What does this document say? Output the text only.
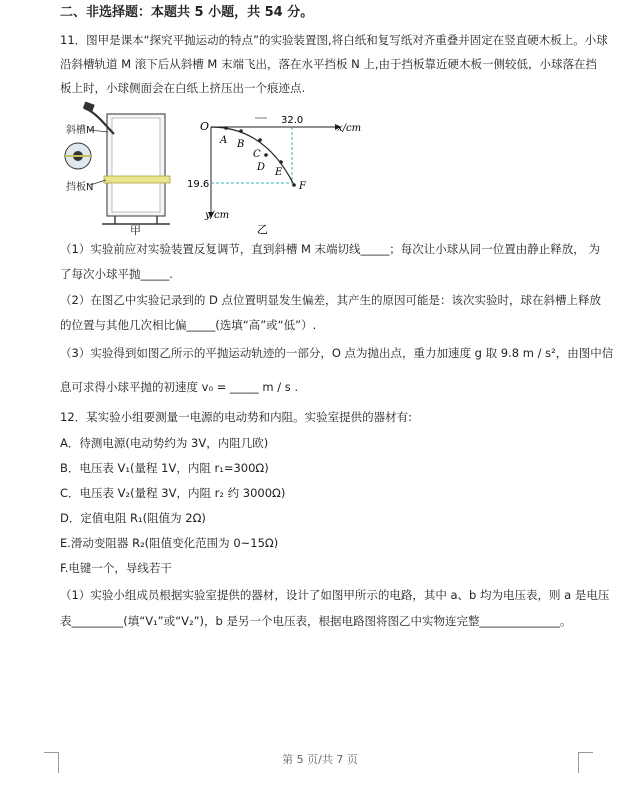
二、非选择题：本题共 5 小题，共 54 分。
11．图甲是课本“探究平抛运动的特点”的实验装置图,将白纸和复写纸对齐重叠并固定在竖直硬木板上。小球
沿斜槽轨道 M 滚下后从斜槽 M 末端飞出，落在水平挡板 N 上,由于挡板靠近硬木板一侧较低，小球落在挡
板上时，小球侧面会在白纸上挤压出一个痕迹点.
斜槽M
挡板N
甲
O	32.0
x/cm
19.6
y/cm
A B
C
D E
F
乙
（1）实验前应对实验装置反复调节，直到斜槽 M 末端切线_____；每次让小球从同一位置由静止释放， 为
了每次小球平抛_____.
（2）在图乙中实验记录到的 D 点位置明显发生偏差，其产生的原因可能是：该次实验时，球在斜槽上释放
的位置与其他几次相比偏_____(选填“高”或“低”）.
（3）实验得到如图乙所示的平抛运动轨迹的一部分，O 点为抛出点，重力加速度 g 取 9.8 m / s²，由图中信
息可求得小球平抛的初速度 v₀ = _____ m / s .
12．某实验小组要测量一电源的电动势和内阻。实验室提供的器材有:
A．待测电源(电动势约为 3V，内阻几欧)
B．电压表 V₁(量程 1V，内阻 r₁=300Ω)
C．电压表 V₂(量程 3V，内阻 r₂ 约 3000Ω)
D．定值电阻 R₁(阻值为 2Ω)
E.滑动变阻器 R₂(阻值变化范围为 0~15Ω)
F.电键一个，导线若干
（1）实验小组成员根据实验室提供的器材，设计了如图甲所示的电路，其中 a、b 均为电压表，则 a 是电压
表_________(填“V₁”或“V₂”)，b 是另一个电压表，根据电路图将图乙中实物连完整______________。
第 5 页/共 7 页
